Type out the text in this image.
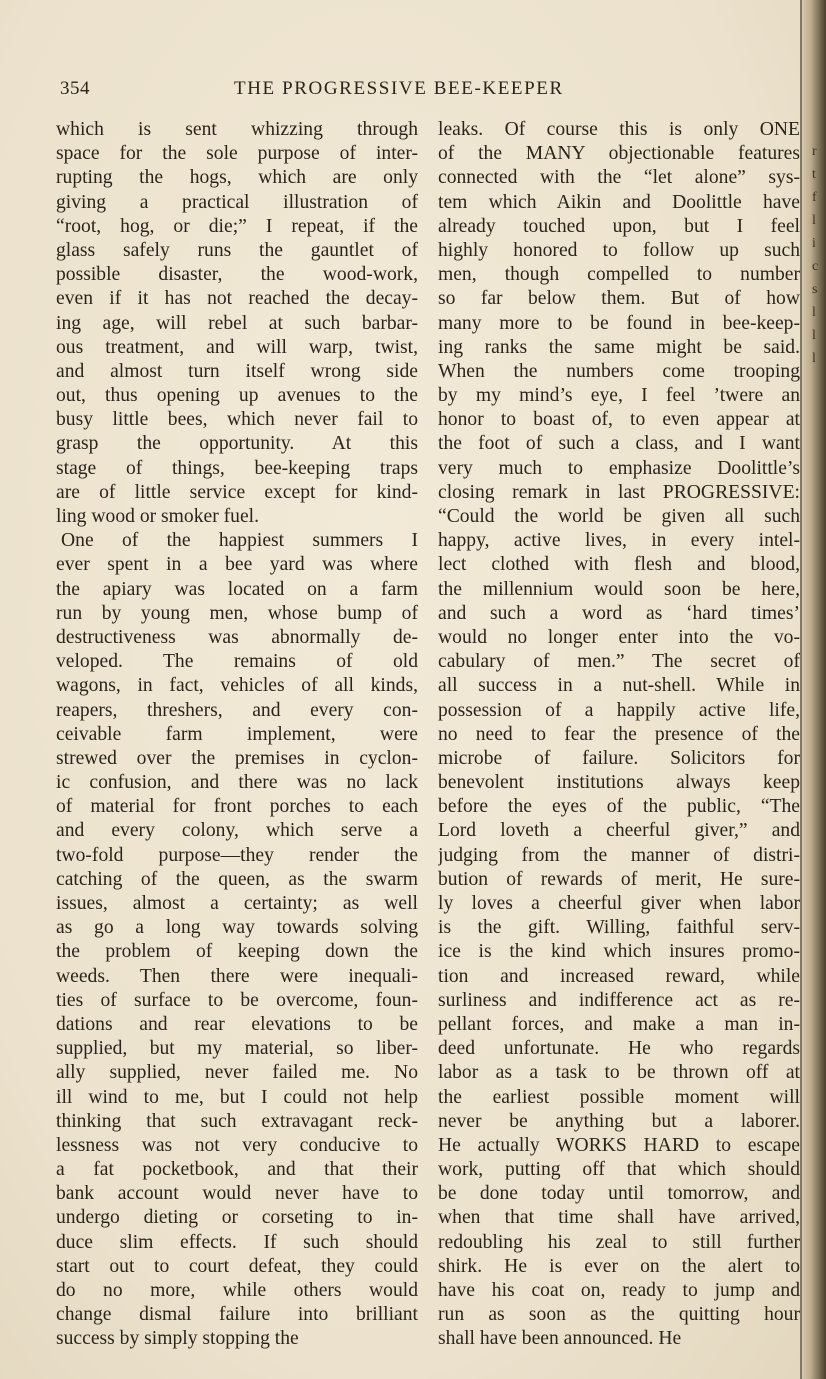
354	THE PROGRESSIVE BEE-KEEPER
which is sent whizzing through
space for the sole purpose of inter-
rupting the hogs, which are only
giving a practical illustration of
“root, hog, or die;” I repeat, if the
glass safely runs the gauntlet of
possible disaster, the wood-work,
even if it has not reached the decay-
ing age, will rebel at such barbar-
ous treatment, and will warp, twist,
and almost turn itself wrong side
out, thus opening up avenues to the
busy little bees, which never fail to
grasp the opportunity. At this
stage of things, bee-keeping traps
are of little service except for kind-
ling wood or smoker fuel.
One of the happiest summers I
ever spent in a bee yard was where
the apiary was located on a farm
run by young men, whose bump of
destructiveness was abnormally de-
veloped. The remains of old
wagons, in fact, vehicles of all kinds,
reapers, threshers, and every con-
ceivable farm implement, were
strewed over the premises in cyclon-
ic confusion, and there was no lack
of material for front porches to each
and every colony, which serve a
two-fold purpose—they render the
catching of the queen, as the swarm
issues, almost a certainty; as well
as go a long way towards solving
the problem of keeping down the
weeds. Then there were inequali-
ties of surface to be overcome, foun-
dations and rear elevations to be
supplied, but my material, so liber-
ally supplied, never failed me. No
ill wind to me, but I could not help
thinking that such extravagant reck-
lessness was not very conducive to
a fat pocketbook, and that their
bank account would never have to
undergo dieting or corseting to in-
duce slim effects. If such should
start out to court defeat, they could
do no more, while others would
change dismal failure into brilliant
success by simply stopping the
leaks. Of course this is only ONE
of the MANY objectionable features
connected with the “let alone” sys-
tem which Aikin and Doolittle have
already touched upon, but I feel
highly honored to follow up such
men, though compelled to number
so far below them. But of how
many more to be found in bee-keep-
ing ranks the same might be said.
When the numbers come trooping
by my mind’s eye, I feel ’twere an
honor to boast of, to even appear at
the foot of such a class, and I want
very much to emphasize Doolittle’s
closing remark in last PROGRESSIVE:
“Could the world be given all such
happy, active lives, in every intel-
lect clothed with flesh and blood,
the millennium would soon be here,
and such a word as ‘hard times’
would no longer enter into the vo-
cabulary of men.” The secret of
all success in a nut-shell. While in
possession of a happily active life,
no need to fear the presence of the
microbe of failure. Solicitors for
benevolent institutions always keep
before the eyes of the public, “The
Lord loveth a cheerful giver,” and
judging from the manner of distri-
bution of rewards of merit, He sure-
ly loves a cheerful giver when labor
is the gift. Willing, faithful serv-
ice is the kind which insures promo-
tion and increased reward, while
surliness and indifference act as re-
pellant forces, and make a man in-
deed unfortunate. He who regards
labor as a task to be thrown off at
the earliest possible moment will
never be anything but a laborer.
He actually WORKS HARD to escape
work, putting off that which should
be done today until tomorrow, and
when that time shall have arrived,
redoubling his zeal to still further
shirk. He is ever on the alert to
have his coat on, ready to jump and
run as soon as the quitting hour
shall have been announced. He
r
t
f
l
i
c
s
l
l
l
